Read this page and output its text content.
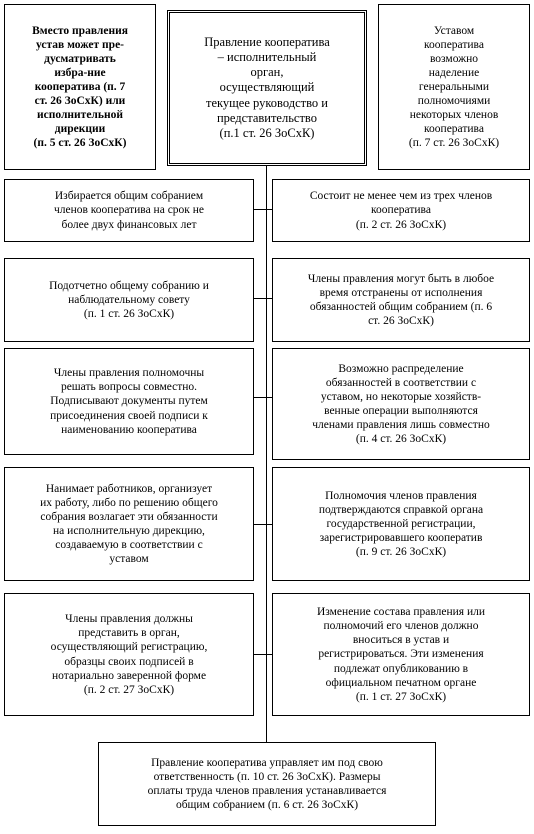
Вместо правления
устав может пре-
дусматривать
избра-ние
кооператива (п. 7
ст. 26 ЗоСхК) или
исполнительной
дирекции
(п. 5 ст. 26 ЗоСхК)
Правление кооператива
– исполнительный
орган,
осуществляющий
текущее руководство и
представительство
(п.1 ст. 26 ЗоСхК)
Уставом
кооператива
возможно
наделение
генеральными
полномочиями
некоторых членов
кооператива
(п. 7 ст. 26 ЗоСхК)
Избирается общим собранием
членов кооператива на срок не
более двух финансовых лет
Подотчетно общему собранию и
наблюдательному совету
(п. 1 ст. 26 ЗоСхК)
Члены правления полномочны
решать вопросы совместно.
Подписывают документы путем
присоединения своей подписи к
наименованию кооператива
Нанимает работников, организует
их работу, либо по решению общего
собрания возлагает эти обязанности
на исполнительную дирекцию,
создаваемую в соответствии с
уставом
Члены правления должны
представить в орган,
осуществляющий регистрацию,
образцы своих подписей в
нотариально заверенной форме
(п. 2 ст. 27 ЗоСхК)
Состоит не менее чем из трех членов
кооператива
(п. 2 ст. 26 ЗоСхК)
Члены правления могут быть в любое
время отстранены от исполнения
обязанностей общим собранием (п. 6
ст. 26 ЗоСхК)
Возможно распределение
обязанностей в соответствии с
уставом, но некоторые хозяйств-
венные операции выполняются
членами правления лишь совместно
(п. 4 ст. 26 ЗоСхК)
Полномочия членов правления
подтверждаются справкой органа
государственной регистрации,
зарегистрировавшего кооператив
(п. 9 ст. 26 ЗоСхК)
Изменение состава правления или
полномочий его членов должно
вноситься в устав и
регистрироваться. Эти изменения
подлежат опубликованию в
официальном печатном органе
(п. 1 ст. 27 ЗоСхК)
Правление кооператива управляет им под свою
ответственность (п. 10 ст. 26 ЗоСхК). Размеры
оплаты труда членов правления устанавливается
общим собранием (п. 6 ст. 26 ЗоСхК)
